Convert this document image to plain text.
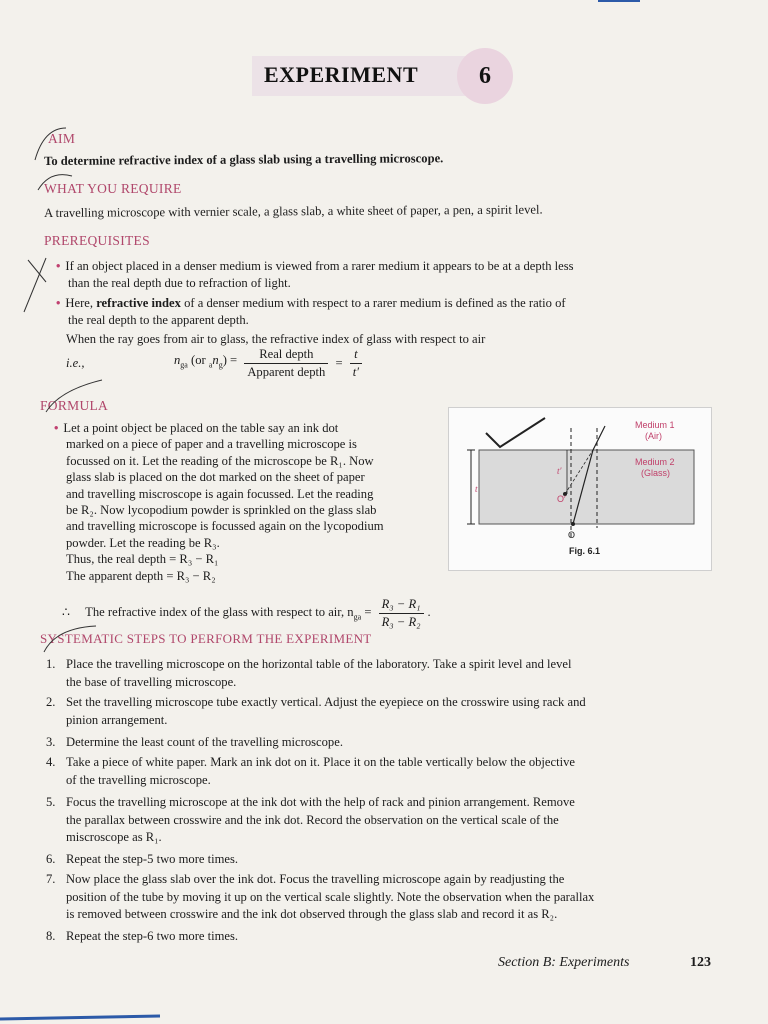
EXPERIMENT	6
AIM
To determine refractive index of a glass slab using a travelling microscope.
WHAT YOU REQUIRE
A travelling microscope with vernier scale, a glass slab, a white sheet of paper, a pen, a spirit level.
PREREQUISITES
• If an object placed in a denser medium is viewed from a rarer medium it appears to be at a depth less
than the real depth due to refraction of light.
• Here, refractive index of a denser medium with respect to a rarer medium is defined as the ratio of
the real depth to the apparent depth.
When the ray goes from air to glass, the refractive index of glass with respect to air
i.e.,	$n_{ga}$ (or $_an_g) = \frac{\text{Real depth}}{\text{Apparent depth}} = \frac{t}{t'}$
FORMULA
• Let a point object be placed on the table say an ink dot
marked on a piece of paper and a travelling microscope is
focussed on it. Let the reading of the microscope be R₁. Now
glass slab is placed on the dot marked on the sheet of paper
and travelling miscroscope is again focussed. Let the reading
be R₂. Now lycopodium powder is sprinkled on the glass slab
and travelling microscope is focussed again on the lycopodium
powder. Let the reading be R₃.
Thus, the real depth = R₃ − R₁
The apparent depth = R₃ − R₂
∴ The refractive index of the glass with respect to air, $n_{ga} = \frac{\text{R₃ − R₁}}{\text{R₃ − R₂}}$ .
t
t′
O′
O
Medium 1
(Air)
Medium 2
(Glass)
Fig. 6.1
SYSTEMATIC STEPS TO PERFORM THE EXPERIMENT
1. Place the travelling microscope on the horizontal table of the laboratory. Take a spirit level and level
the base of travelling microscope.
2. Set the travelling microscope tube exactly vertical. Adjust the eyepiece on the crosswire using rack and
pinion arrangement.
3. Determine the least count of the travelling microscope.
4. Take a piece of white paper. Mark an ink dot on it. Place it on the table vertically below the objective
of the travelling microscope.
5. Focus the travelling microscope at the ink dot with the help of rack and pinion arrangement. Remove
the parallax between crosswire and the ink dot. Record the observation on the vertical scale of the
miscroscope as R₁.
6. Repeat the step-5 two more times.
7. Now place the glass slab over the ink dot. Focus the travelling microscope again by readjusting the
position of the tube by moving it up on the vertical scale slightly. Note the observation when the parallax
is removed between crosswire and the ink dot observed through the glass slab and record it as R₂.
8. Repeat the step-6 two more times.
Section B: Experiments	123
